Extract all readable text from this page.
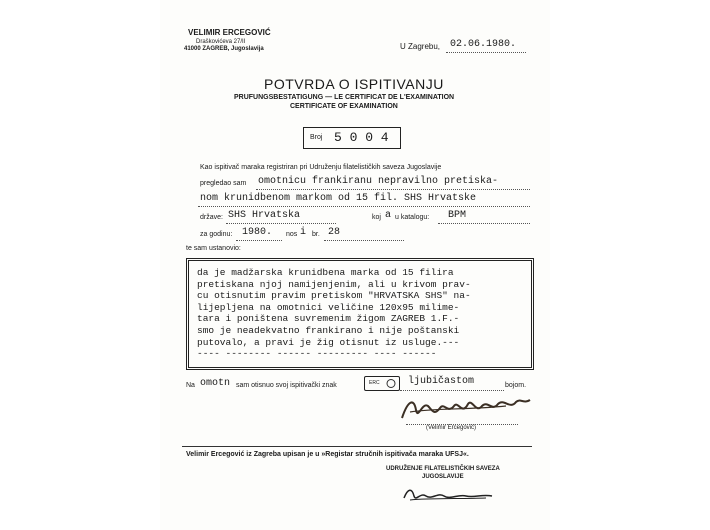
VELIMIR ERCEGOVIĆ
Draškovićeva 27/II
41000 ZAGREB, Jugoslavija	U Zagrebu, 02.06.1980.
POTVRDA O ISPITIVANJU
PRUFUNGSBESTATIGUNG — LE CERTIFICAT DE L'EXAMINATION
CERTIFICATE OF EXAMINATION
Broj 5 0 0 4
Kao ispitivač maraka registriran pri Udruženju filatelističkih saveza Jugoslavije
pregledao sam omotnicu frankiranu nepravilno pretiska-
nom krunidbenom markom od 15 fil. SHS Hrvatske
države: SHS Hrvatska	koj a u katalogu: BPM
za godinu: 1980. nos i br. 28
te sam ustanovio:
da je madžarska krunidbena marka od 15 filira
pretiskana njoj namijenjenim, ali u krivom prav-
cu otisnutim pravim pretiskom "HRVATSKA SHS" na-
lijepljena na omotnici veličine 120x95 milime-
tara i poništena suvremenim žigom ZAGREB 1.F.-
smo je neadekvatno frankirano i nije poštanski
putovalo, a pravi je žig otisnut iz usluge.---
---- -------- ------ --------- ---- ------
Na omotn sam otisnuo svoj ispitivački znak	ERC	ljubičastom	bojom.
(Velimir Ercegović)
Velimir Ercegović iz Zagreba upisan je u »Registar stručnih ispitivača maraka UFSJ«.
UDRUŽENJE FILATELISTIČKIH SAVEZA
JUGOSLAVIJE
